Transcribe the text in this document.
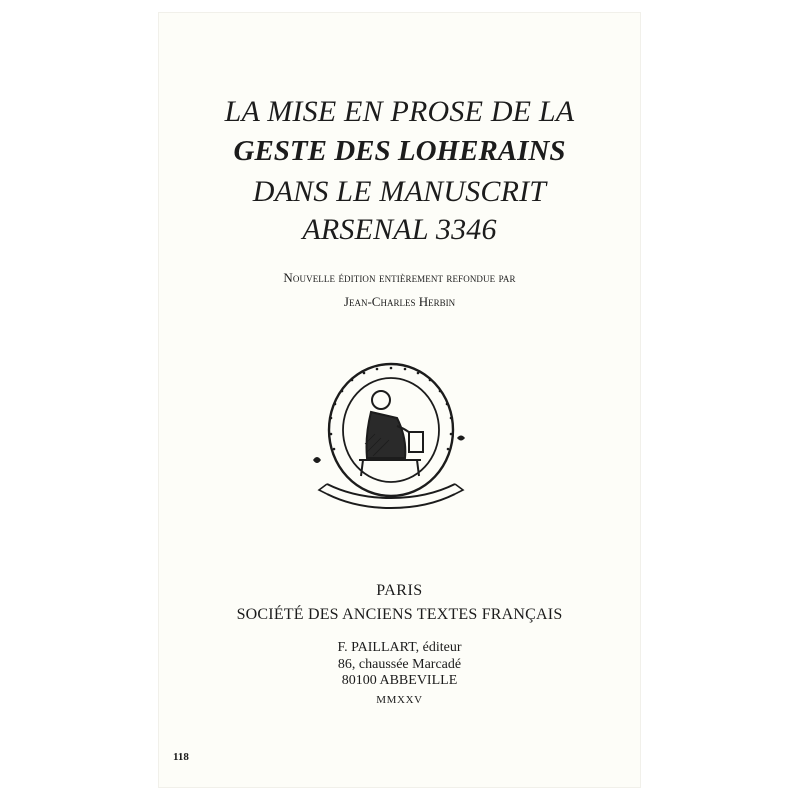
LA MISE EN PROSE DE LA
GESTE DES LOHERAINS
DANS LE MANUSCRIT
ARSENAL 3346
Nouvelle édition entièrement refondue par
Jean-Charles Herbin
PARIS
SOCIÉTÉ DES ANCIENS TEXTES FRANÇAIS
F. PAILLART, éditeur
86, chaussée Marcadé
80100 ABBEVILLE
MMXXV
118
